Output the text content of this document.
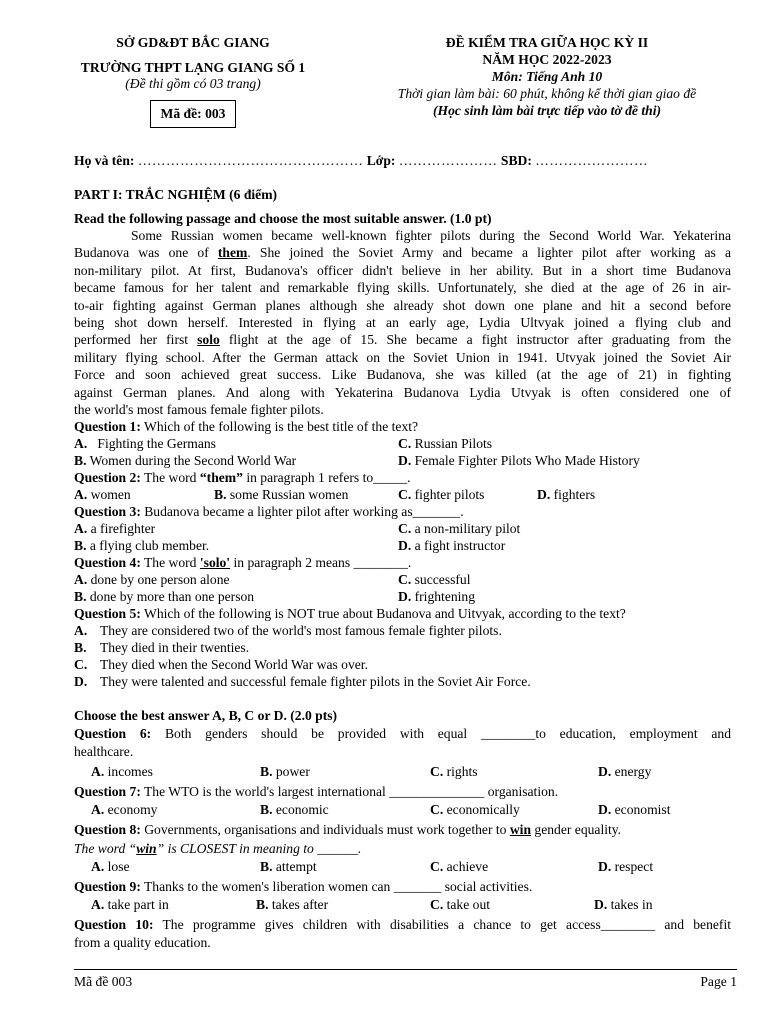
SỞ GD&ĐT BẮC GIANG
TRƯỜNG THPT LẠNG GIANG SỐ 1
(Đề thi gồm có 03 trang)
Mã đề: 003
ĐỀ KIỂM TRA GIỮA HỌC KỲ II
NĂM HỌC 2022-2023
Môn: Tiếng Anh 10
Thời gian làm bài: 60 phút, không kể thời gian giao đề
(Học sinh làm bài trực tiếp vào tờ đề thi)
Họ và tên: ………………………………………… Lớp: ………………… SBD: ……………………
PART I: TRẮC NGHIỆM (6 điểm)
Read the following passage and choose the most suitable answer. (1.0 pt)
Some Russian women became well-known fighter pilots during the Second World War. Yekaterina
Budanova was one of them. She joined the Soviet Army and became a lighter pilot after working as a
non-military pilot. At first, Budanova's officer didn't believe in her ability. But in a short time Budanova
became famous for her talent and remarkable flying skills. Unfortunately, she died at the age of 26 in air-
to-air fighting against German planes although she already shot down one plane and hit a second before
being shot down herself. Interested in flying at an early age, Lydia Ultvyak joined a flying club and
performed her first solo flight at the age of 15. She became a fight instructor after graduating from the
military flying school. After the German attack on the Soviet Union in 1941. Utvyak joined the Soviet Air
Force and soon achieved great success. Like Budanova, she was killed (at the age of 21) in fighting
against German planes. And along with Yekaterina Budanova Lydia Utvyak is often considered one of
the world's most famous female fighter pilots.
Question 1: Which of the following is the best title of the text?
A. Fighting the Germans	C. Russian Pilots
B. Women during the Second World War	D. Female Fighter Pilots Who Made History
Question 2: The word “them” in paragraph 1 refers to_____.
A. women	B. some Russian women	C. fighter pilots	D. fighters
Question 3: Budanova became a lighter pilot after working as_______.
A. a firefighter	C. a non-military pilot
B. a flying club member.	D. a fight instructor
Question 4: The word 'solo' in paragraph 2 means ________.
A. done by one person alone	C. successful
B. done by more than one person	D. frightening
Question 5: Which of the following is NOT true about Budanova and Uitvyak, according to the text?
A. They are considered two of the world's most famous female fighter pilots.
B. They died in their twenties.
C. They died when the Second World War was over.
D. They were talented and successful female fighter pilots in the Soviet Air Force.
Choose the best answer A, B, C or D. (2.0 pts)
Question 6: Both genders should be provided with equal ________to education, employment and
healthcare.
A. incomes	B. power	C. rights	D. energy
Question 7: The WTO is the world's largest international ______________ organisation.
A. economy	B. economic	C. economically	D. economist
Question 8: Governments, organisations and individuals must work together to win gender equality.
The word “win” is CLOSEST in meaning to ______.
A. lose	B. attempt	C. achieve	D. respect
Question 9: Thanks to the women's liberation women can _______ social activities.
A. take part in	B. takes after	C. take out	D. takes in
Question 10: The programme gives children with disabilities a chance to get access________ and benefit
from a quality education.
Mã đề 003	Page 1
